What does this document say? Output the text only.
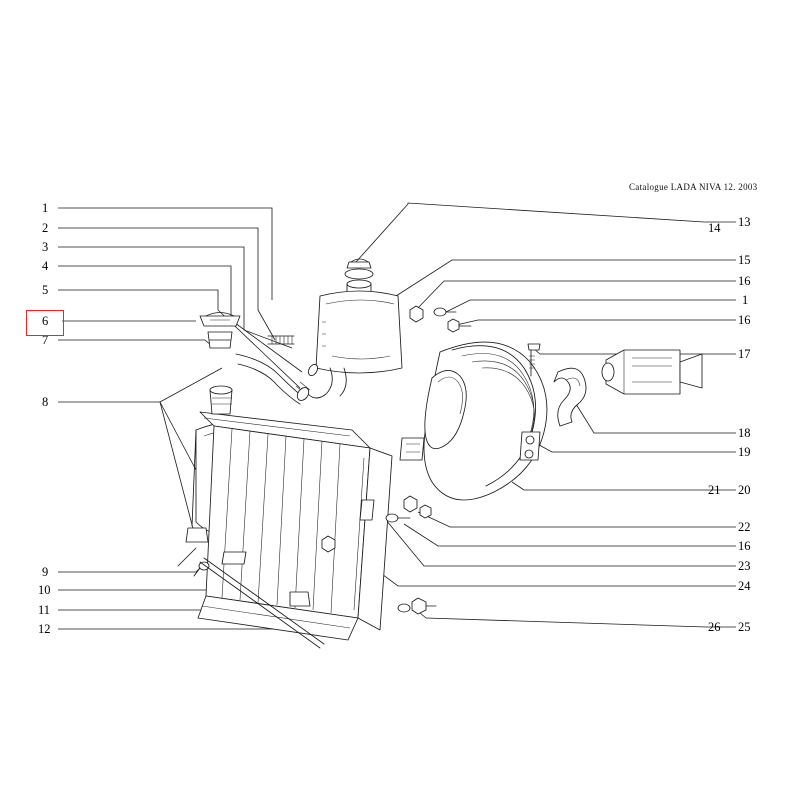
Catalogue LADA NIVA 12. 2003
1
2
3
4
5
6
7
8
9
10
11
12
13
14
15
16
1
16
17
18
19
20
21
22
16
23
24
25
26
